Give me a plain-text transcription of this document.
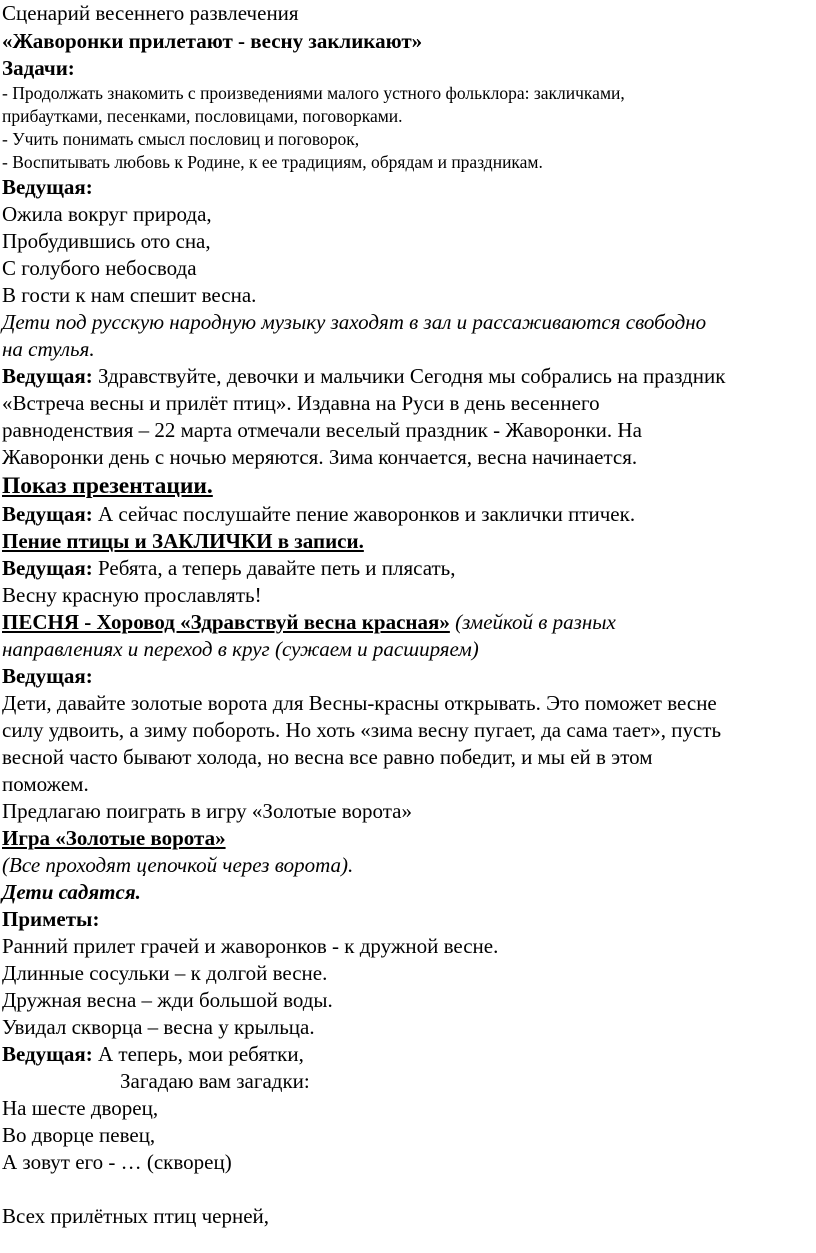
Сценарий весеннего развлечения
«Жаворонки прилетают - весну закликают»
Задачи:
- Продолжать знакомить с произведениями малого устного фольклора: закличками,
прибаутками, песенками, пословицами, поговорками.
- Учить понимать смысл пословиц и поговорок,
- Воспитывать любовь к Родине, к ее традициям, обрядам и праздникам.
Ведущая:
Ожила вокруг природа,
Пробудившись ото сна,
С голубого небосвода
В гости к нам спешит весна.
Дети под русскую народную музыку заходят в зал и рассаживаются свободно
на стулья.
Ведущая: Здравствуйте, девочки и мальчики Сегодня мы собрались на праздник
«Встреча весны и прилёт птиц». Издавна на Руси в день весеннего
равноденствия – 22 марта отмечали веселый праздник - Жаворонки. На
Жаворонки день с ночью меряются. Зима кончается, весна начинается.
Показ презентации.
Ведущая: А сейчас послушайте пение жаворонков и заклички птичек.
Пение птицы и ЗАКЛИЧКИ в записи.
Ведущая: Ребята, а теперь давайте петь и плясать,
Весну красную прославлять!
ПЕСНЯ - Хоровод «Здравствуй весна красная» (змейкой в разных
направлениях и переход в круг (сужаем и расширяем)
Ведущая:
Дети, давайте золотые ворота для Весны-красны открывать. Это поможет весне
силу удвоить, а зиму побороть. Но хоть «зима весну пугает, да сама тает», пусть
весной часто бывают холода, но весна все равно победит, и мы ей в этом
поможем.
Предлагаю поиграть в игру «Золотые ворота»
Игра «Золотые ворота»
(Все проходят цепочкой через ворота).
Дети садятся.
Приметы:
Ранний прилет грачей и жаворонков - к дружной весне.
Длинные сосульки – к долгой весне.
Дружная весна – жди большой воды.
Увидал скворца – весна у крыльца.
Ведущая: А теперь, мои ребятки,
Загадаю вам загадки:
На шесте дворец,
Во дворце певец,
А зовут его - … (скворец)
Всех прилётных птиц черней,
